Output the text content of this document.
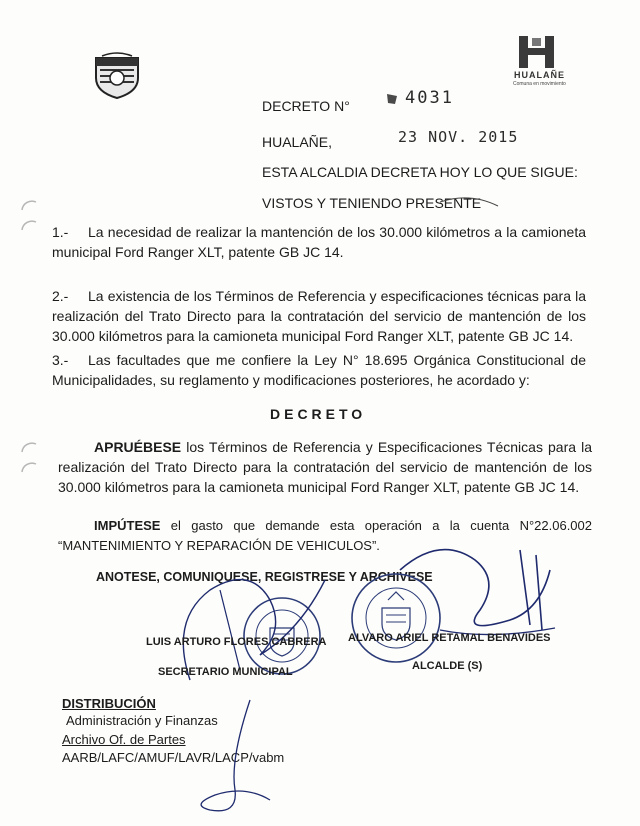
HUALAÑE
Comuna en movimiento
DECRETO N°	4031
HUALAÑE,	23 NOV. 2015
ESTA ALCALDIA DECRETA HOY LO QUE SIGUE:
VISTOS Y TENIENDO PRESENTE
1.- La necesidad de realizar la mantención de los 30.000 kilómetros a la camioneta municipal Ford Ranger XLT, patente GB JC 14.
2.- La existencia de los Términos de Referencia y especificaciones técnicas para la realización del Trato Directo para la contratación del servicio de mantención de los 30.000 kilómetros para la camioneta municipal Ford Ranger XLT, patente GB JC 14.
3.- Las facultades que me confiere la Ley N° 18.695 Orgánica Constitucional de Municipalidades, su reglamento y modificaciones posteriores, he acordado y:
DECRETO
APRUÉBESE los Términos de Referencia y Especificaciones Técnicas para la realización del Trato Directo para la contratación del servicio de mantención de los 30.000 kilómetros para la camioneta municipal Ford Ranger XLT, patente GB JC 14.
IMPÚTESE el gasto que demande esta operación a la cuenta N°22.06.002 “MANTENIMIENTO Y REPARACIÓN DE VEHICULOS”.
ANOTESE, COMUNIQUESE, REGISTRESE Y ARCHIVESE
LUIS ARTURO FLORES CABRERA
SECRETARIO MUNICIPAL
ALVARO ARIEL RETAMAL BENAVIDES
ALCALDE (S)
DISTRIBUCIÓN
Administración y Finanzas
Archivo Of. de Partes
AARB/LAFC/AMUF/LAVR/LACP/vabm
